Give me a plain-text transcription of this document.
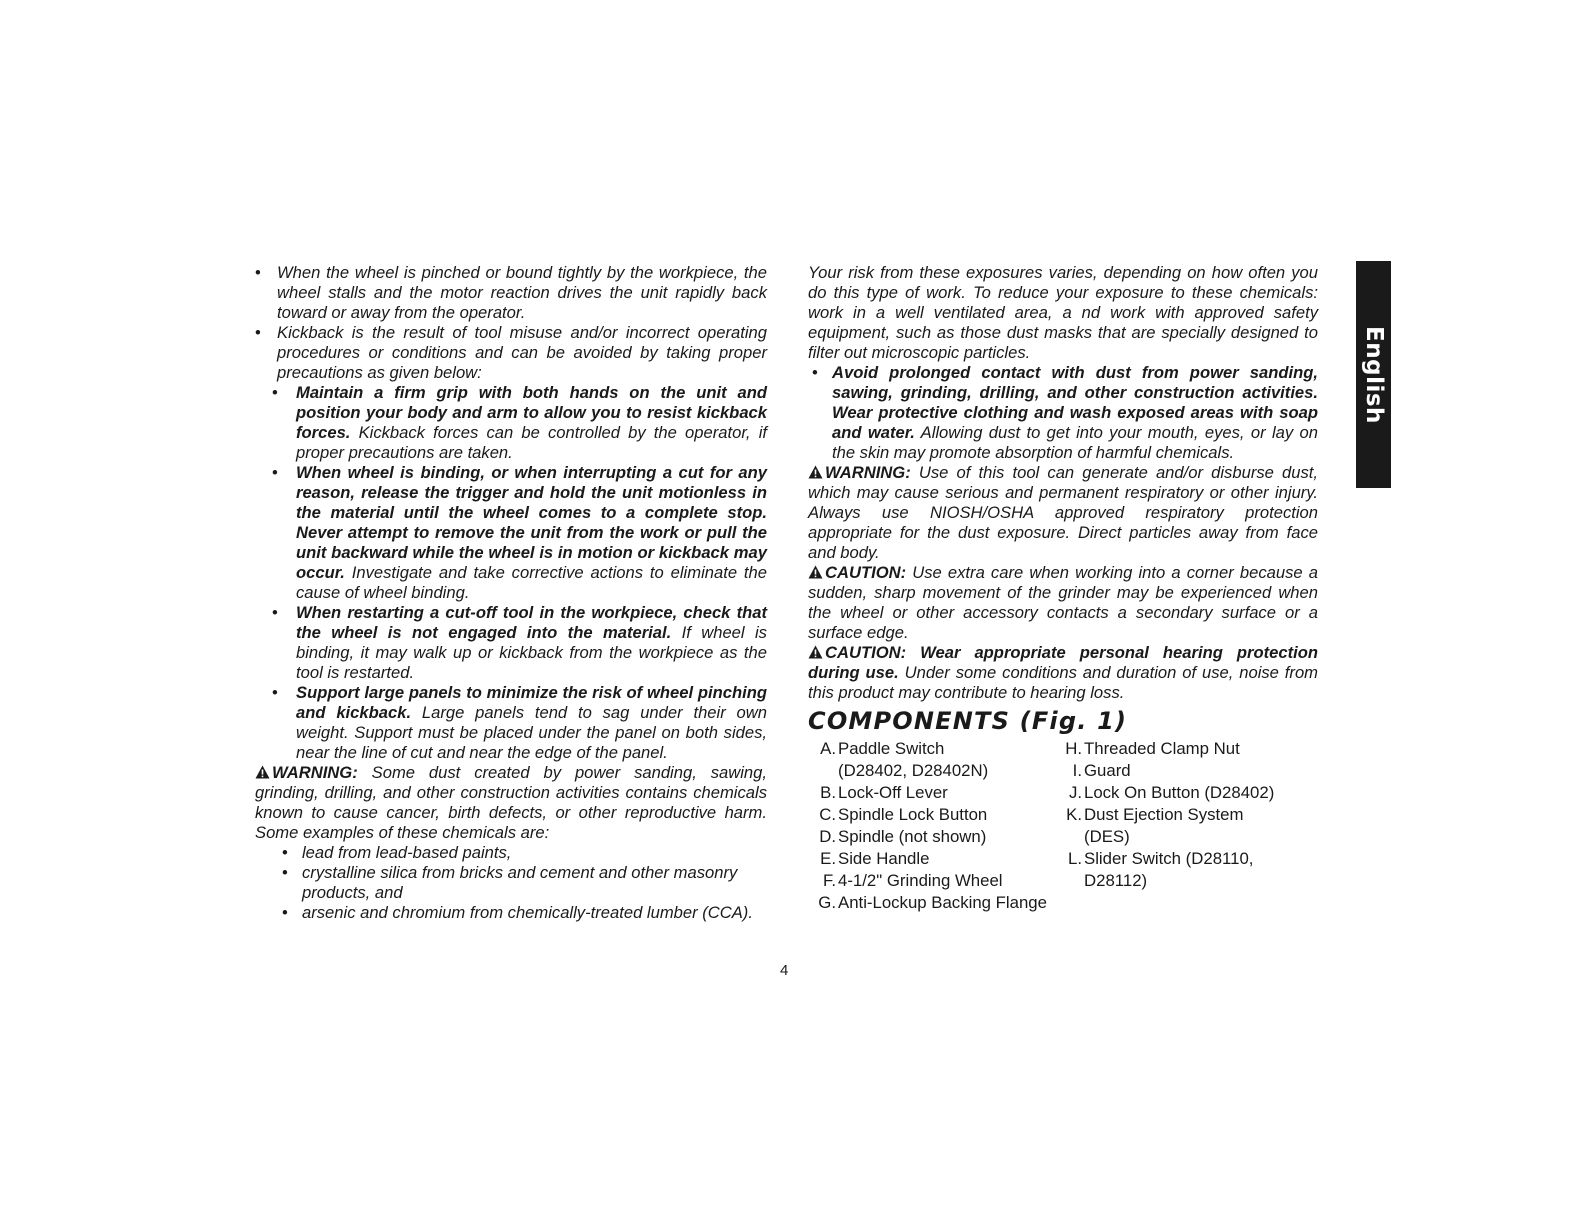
• When the wheel is pinched or bound tightly by the workpiece, the wheel stalls and the motor reaction drives the unit rapidly back toward or away from the operator.

• Kickback is the result of tool misuse and/or incorrect operating procedures or conditions and can be avoided by taking proper precautions as given below:

• Maintain a firm grip with both hands on the unit and position your body and arm to allow you to resist kickback forces. Kickback forces can be controlled by the operator, if proper precautions are taken.

• When wheel is binding, or when interrupting a cut for any reason, release the trigger and hold the unit motionless in the material until the wheel comes to a complete stop. Never attempt to remove the unit from the work or pull the unit backward while the wheel is in motion or kickback may occur. Investigate and take corrective actions to eliminate the cause of wheel binding.

• When restarting a cut-off tool in the workpiece, check that the wheel is not engaged into the material. If wheel is binding, it may walk up or kickback from the workpiece as the tool is restarted.

• Support large panels to minimize the risk of wheel pinching and kickback. Large panels tend to sag under their own weight. Support must be placed under the panel on both sides, near the line of cut and near the edge of the panel.

WARNING: Some dust created by power sanding, sawing, grinding, drilling, and other construction activities contains chemicals known to cause cancer, birth defects, or other reproductive harm. Some examples of these chemicals are:

• lead from lead-based paints,

• crystalline silica from bricks and cement and other masonry products, and

• arsenic and chromium from chemically-treated lumber (CCA).

Your risk from these exposures varies, depending on how often you do this type of work. To reduce your exposure to these chemicals: work in a well ventilated area, a nd work with approved safety equipment, such as those dust masks that are specially designed to filter out microscopic particles.

• Avoid prolonged contact with dust from power sanding, sawing, grinding, drilling, and other construction activities. Wear protective clothing and wash exposed areas with soap and water. Allowing dust to get into your mouth, eyes, or lay on the skin may promote absorption of harmful chemicals.

WARNING: Use of this tool can generate and/or disburse dust, which may cause serious and permanent respiratory or other injury. Always use NIOSH/OSHA approved respiratory protection appropriate for the dust exposure. Direct particles away from face and body.

CAUTION: Use extra care when working into a corner because a sudden, sharp movement of the grinder may be experienced when the wheel or other accessory contacts a secondary surface or a surface edge.

CAUTION: Wear appropriate personal hearing protection during use. Under some conditions and duration of use, noise from this product may contribute to hearing loss.

COMPONENTS (Fig. 1)
A. Paddle Switch
(D28402, D28402N)
B. Lock-Off Lever
C. Spindle Lock Button
D. Spindle (not shown)
E. Side Handle
F. 4-1/2" Grinding Wheel
G. Anti-Lockup Backing Flange
H. Threaded Clamp Nut
I. Guard
J. Lock On Button (D28402)
K. Dust Ejection System
(DES)
L. Slider Switch (D28110,
D28112)
4
English
